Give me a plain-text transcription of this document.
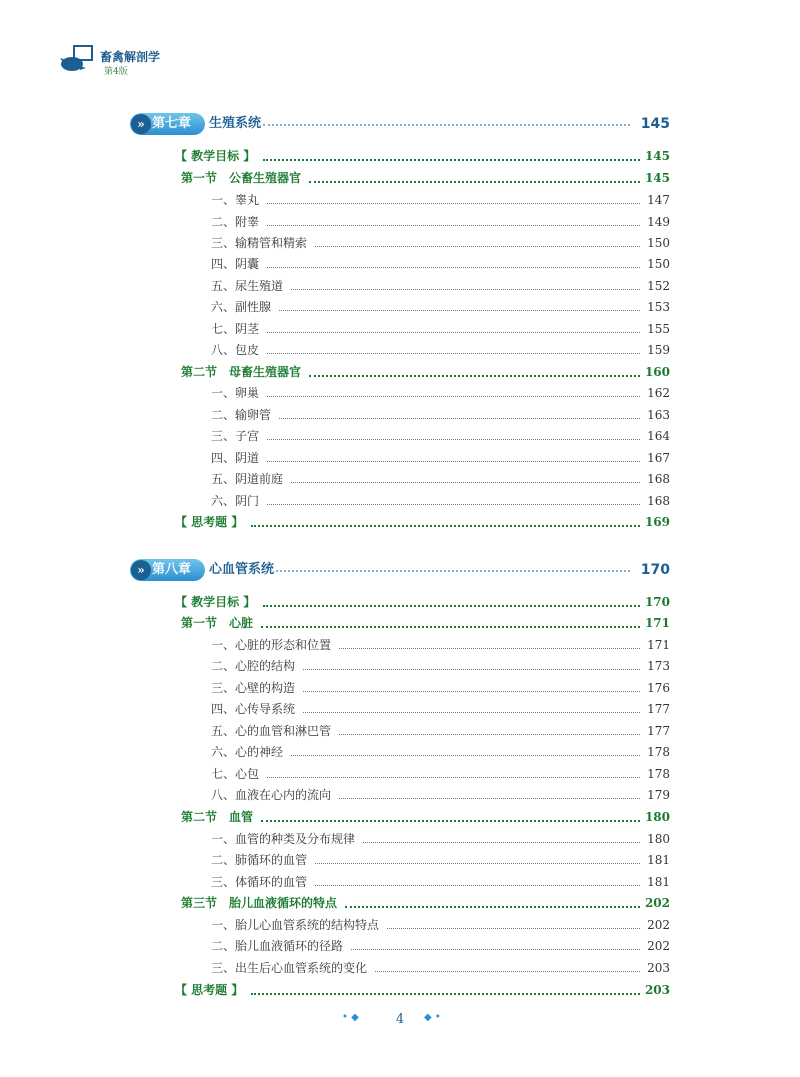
畜禽解剖学
第4版
» 第七章 生殖系统	145
【 教学目标 】	145
第一节　公畜生殖器官	145
一、睾丸	147
二、附睾	149
三、输精管和精索	150
四、阴囊	150
五、尿生殖道	152
六、副性腺	153
七、阴茎	155
八、包皮	159
第二节　母畜生殖器官	160
一、卵巢	162
二、输卵管	163
三、子宫	164
四、阴道	167
五、阴道前庭	168
六、阴门	168
【 思考题 】	169
» 第八章 心血管系统	170
【 教学目标 】	170
第一节　心脏	171
一、心脏的形态和位置	171
二、心腔的结构	173
三、心壁的构造	176
四、心传导系统	177
五、心的血管和淋巴管	177
六、心的神经	178
七、心包	178
八、血液在心内的流向	179
第二节　血管	180
一、血管的种类及分布规律	180
二、肺循环的血管	181
三、体循环的血管	181
第三节　胎儿血液循环的特点	202
一、胎儿心血管系统的结构特点	202
二、胎儿血液循环的径路	202
三、出生后心血管系统的变化	203
【 思考题 】	203
• ◆	4	◆ •
